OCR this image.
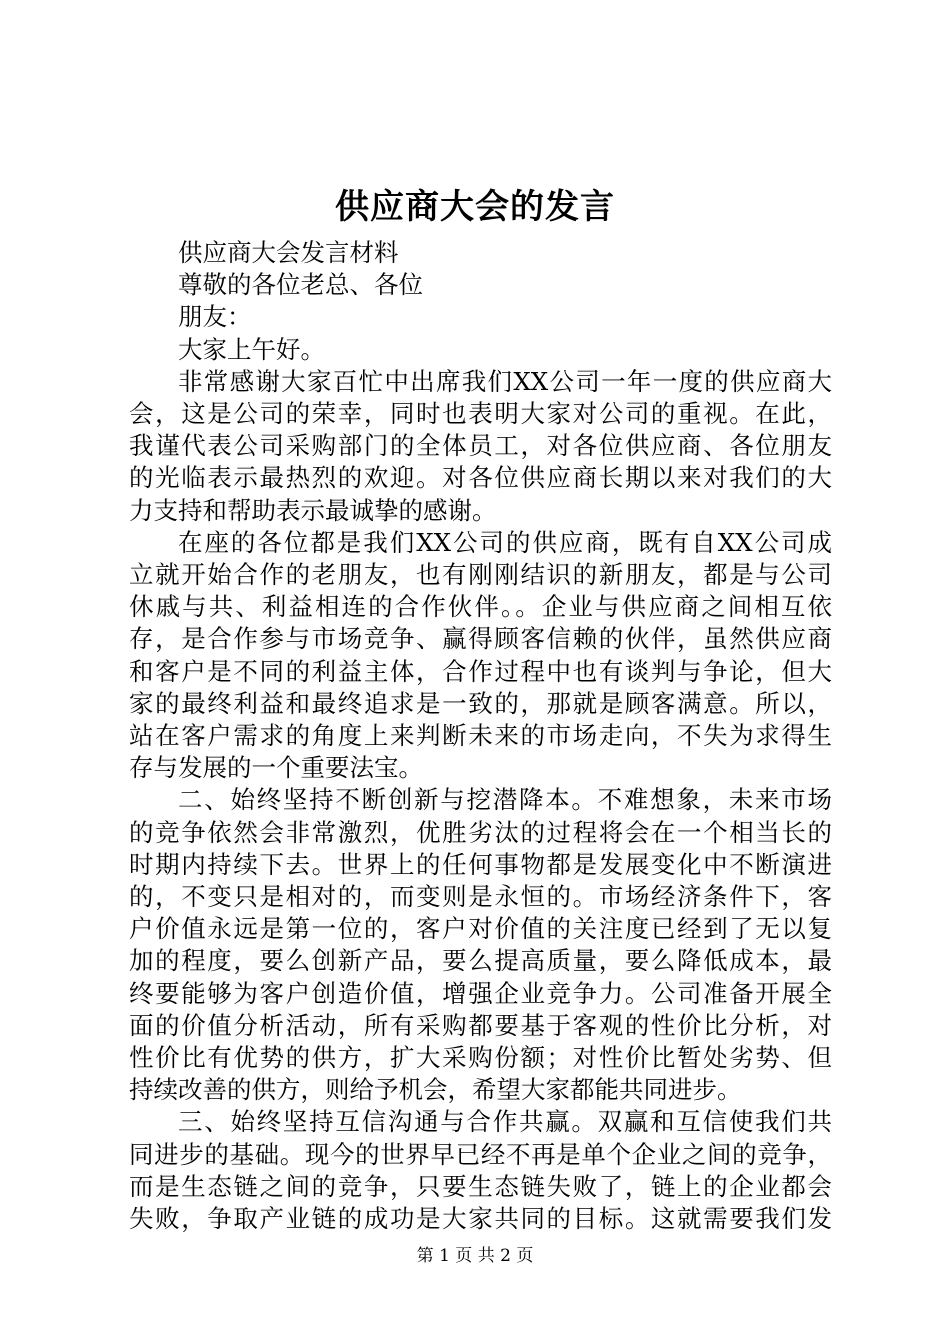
供应商大会的发言
供应商大会发言材料
尊敬的各位老总、各位
朋友：
大家上午好。
非常感谢大家百忙中出席我们XX公司一年一度的供应商大
会，这是公司的荣幸，同时也表明大家对公司的重视。在此，
我谨代表公司采购部门的全体员工，对各位供应商、各位朋友
的光临表示最热烈的欢迎。对各位供应商长期以来对我们的大
力支持和帮助表示最诚挚的感谢。
在座的各位都是我们XX公司的供应商，既有自XX公司成
立就开始合作的老朋友，也有刚刚结识的新朋友，都是与公司
休戚与共、利益相连的合作伙伴。。企业与供应商之间相互依
存，是合作参与市场竞争、赢得顾客信赖的伙伴，虽然供应商
和客户是不同的利益主体，合作过程中也有谈判与争论，但大
家的最终利益和最终追求是一致的，那就是顾客满意。所以，
站在客户需求的角度上来判断未来的市场走向，不失为求得生
存与发展的一个重要法宝。
二、始终坚持不断创新与挖潜降本。不难想象，未来市场
的竞争依然会非常激烈，优胜劣汰的过程将会在一个相当长的
时期内持续下去。世界上的任何事物都是发展变化中不断演进
的，不变只是相对的，而变则是永恒的。市场经济条件下，客
户价值永远是第一位的，客户对价值的关注度已经到了无以复
加的程度，要么创新产品，要么提高质量，要么降低成本，最
终要能够为客户创造价值，增强企业竞争力。公司准备开展全
面的价值分析活动，所有采购都要基于客观的性价比分析，对
性价比有优势的供方，扩大采购份额；对性价比暂处劣势、但
持续改善的供方，则给予机会，希望大家都能共同进步。
三、始终坚持互信沟通与合作共赢。双赢和互信使我们共
同进步的基础。现今的世界早已经不再是单个企业之间的竞争，
而是生态链之间的竞争，只要生态链失败了，链上的企业都会
失败，争取产业链的成功是大家共同的目标。这就需要我们发
第 1 页 共 2 页
